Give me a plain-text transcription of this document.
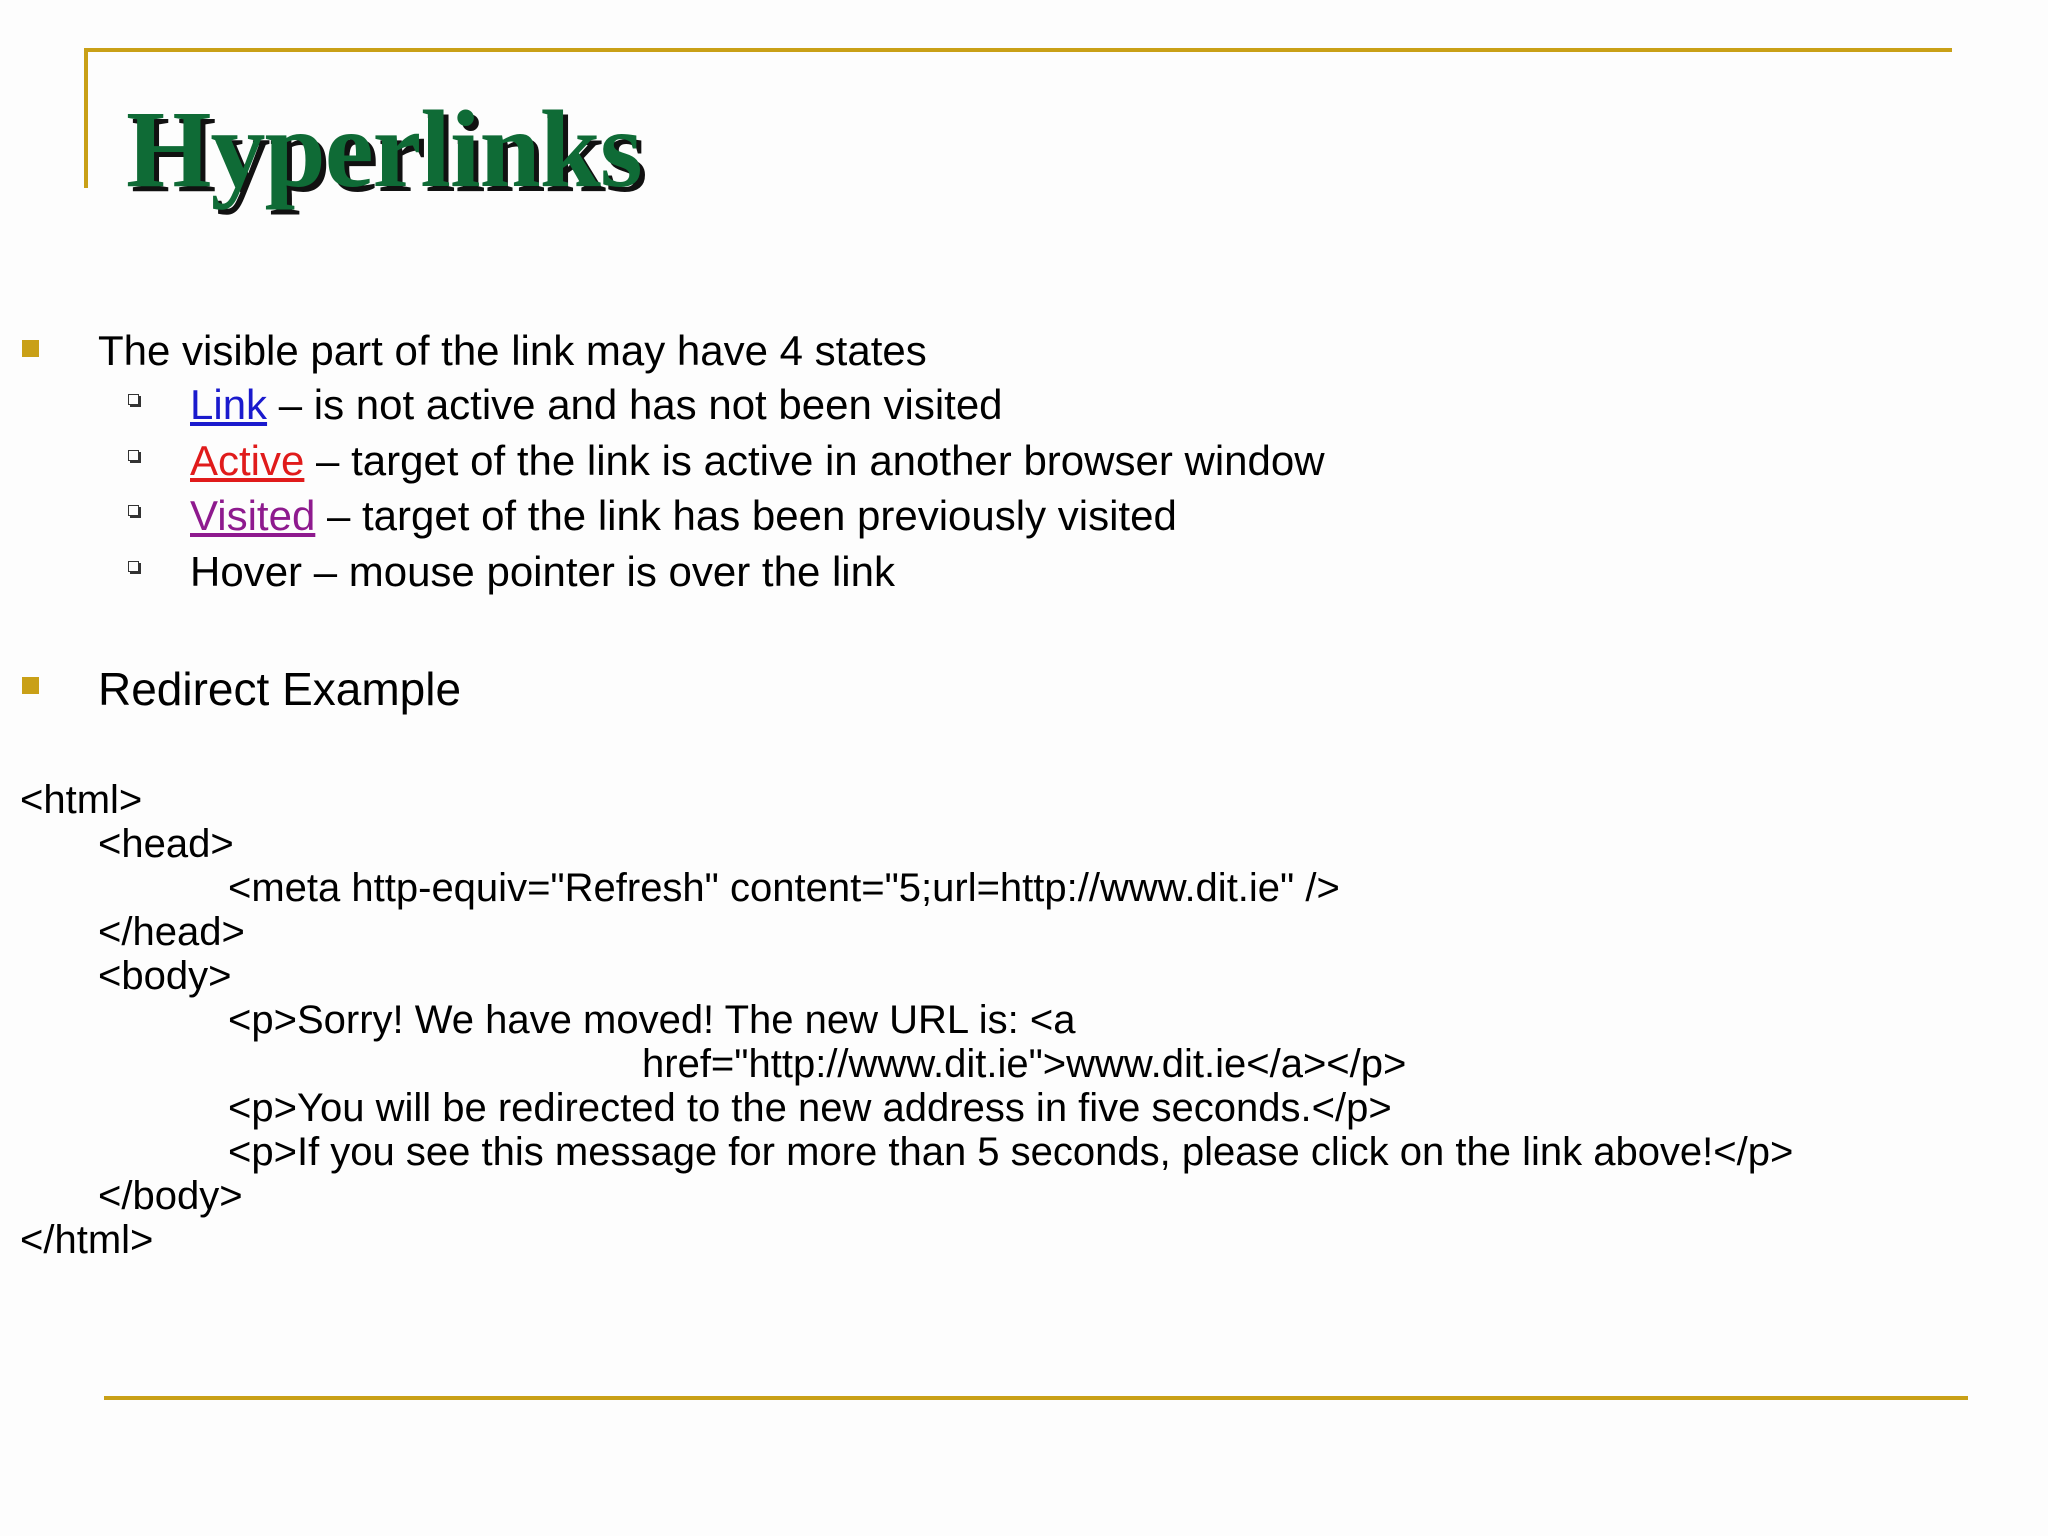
Hyperlinks
The visible part of the link may have 4 states
Link – is not active and has not been visited
Active – target of the link is active in another browser window
Visited – target of the link has been previously visited
Hover – mouse pointer is over the link
Redirect Example
<html>
<head>
<meta http-equiv="Refresh" content="5;url=http://www.dit.ie" />
</head>
<body>
<p>Sorry! We have moved! The new URL is: <a
href="http://www.dit.ie">www.dit.ie</a></p>
<p>You will be redirected to the new address in five seconds.</p>
<p>If you see this message for more than 5 seconds, please click on the link above!</p>
</body>
</html>
